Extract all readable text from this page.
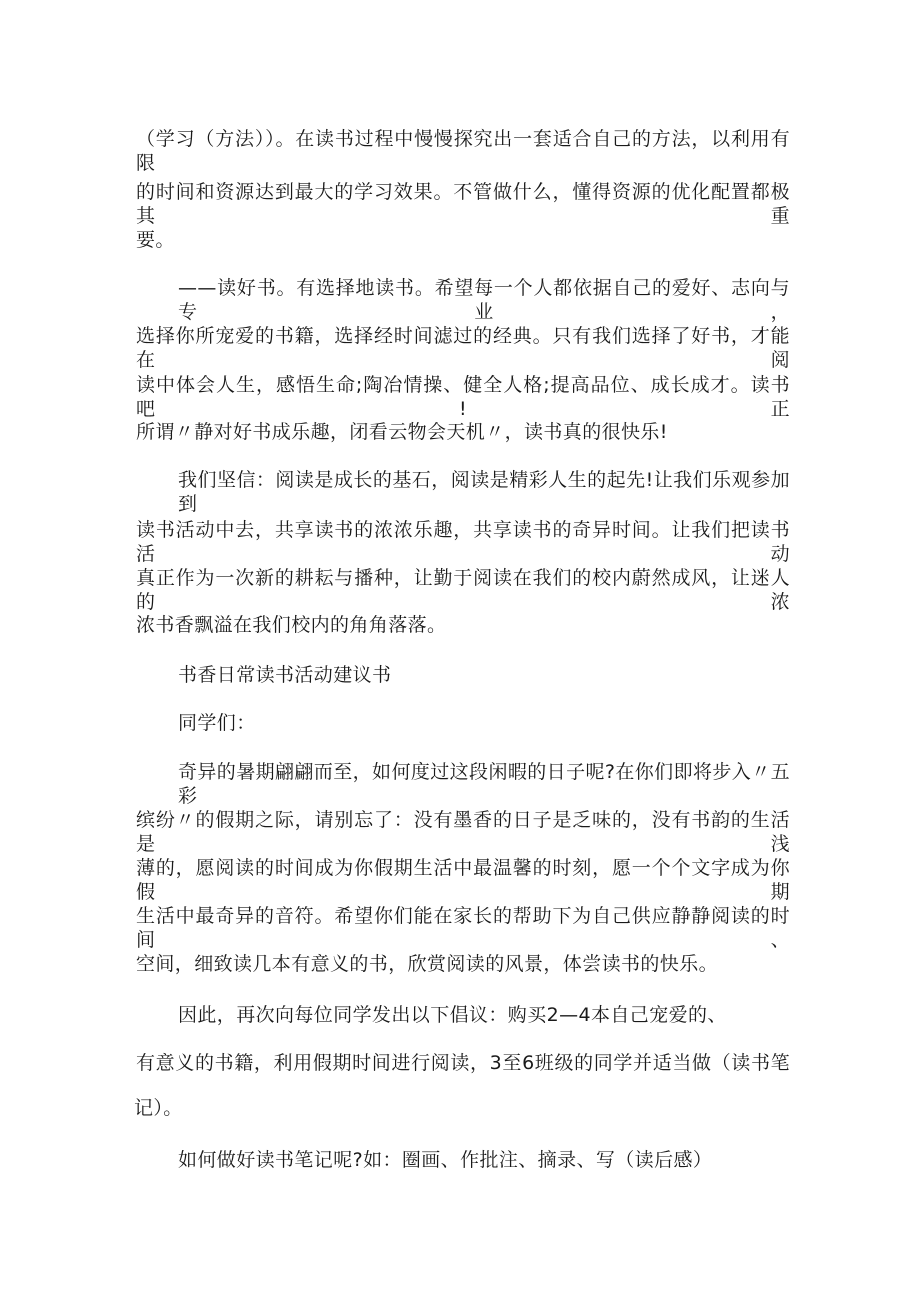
（学习（方法））。在读书过程中慢慢探究出一套适合自己的方法，以利用有限
的时间和资源达到最大的学习效果。不管做什么，懂得资源的优化配置都极其重
要。
——读好书。有选择地读书。希望每一个人都依据自己的爱好、志向与专业，
选择你所宠爱的书籍，选择经时间滤过的经典。只有我们选择了好书，才能在阅
读中体会人生，感悟生命;陶冶情操、健全人格;提高品位、成长成才。读书吧!正
所谓〃静对好书成乐趣，闭看云物会天机〃，读书真的很快乐!
我们坚信：阅读是成长的基石，阅读是精彩人生的起先!让我们乐观参加到
读书活动中去，共享读书的浓浓乐趣，共享读书的奇异时间。让我们把读书活动
真正作为一次新的耕耘与播种，让勤于阅读在我们的校内蔚然成风，让迷人的浓
浓书香飘溢在我们校内的角角落落。
书香日常读书活动建议书
同学们：
奇异的暑期翩翩而至，如何度过这段闲暇的日子呢?在你们即将步入〃五彩
缤纷〃的假期之际，请别忘了：没有墨香的日子是乏味的，没有书韵的生活是浅
薄的，愿阅读的时间成为你假期生活中最温馨的时刻，愿一个个文字成为你假期
生活中最奇异的音符。希望你们能在家长的帮助下为自己供应静静阅读的时间、
空间，细致读几本有意义的书，欣赏阅读的风景，体尝读书的快乐。
因此，再次向每位同学发出以下倡议：购买2—4本自己宠爱的、
有意义的书籍，利用假期时间进行阅读，3至6班级的同学并适当做（读书笔
记）。
如何做好读书笔记呢?如：圈画、作批注、摘录、写（读后感）
